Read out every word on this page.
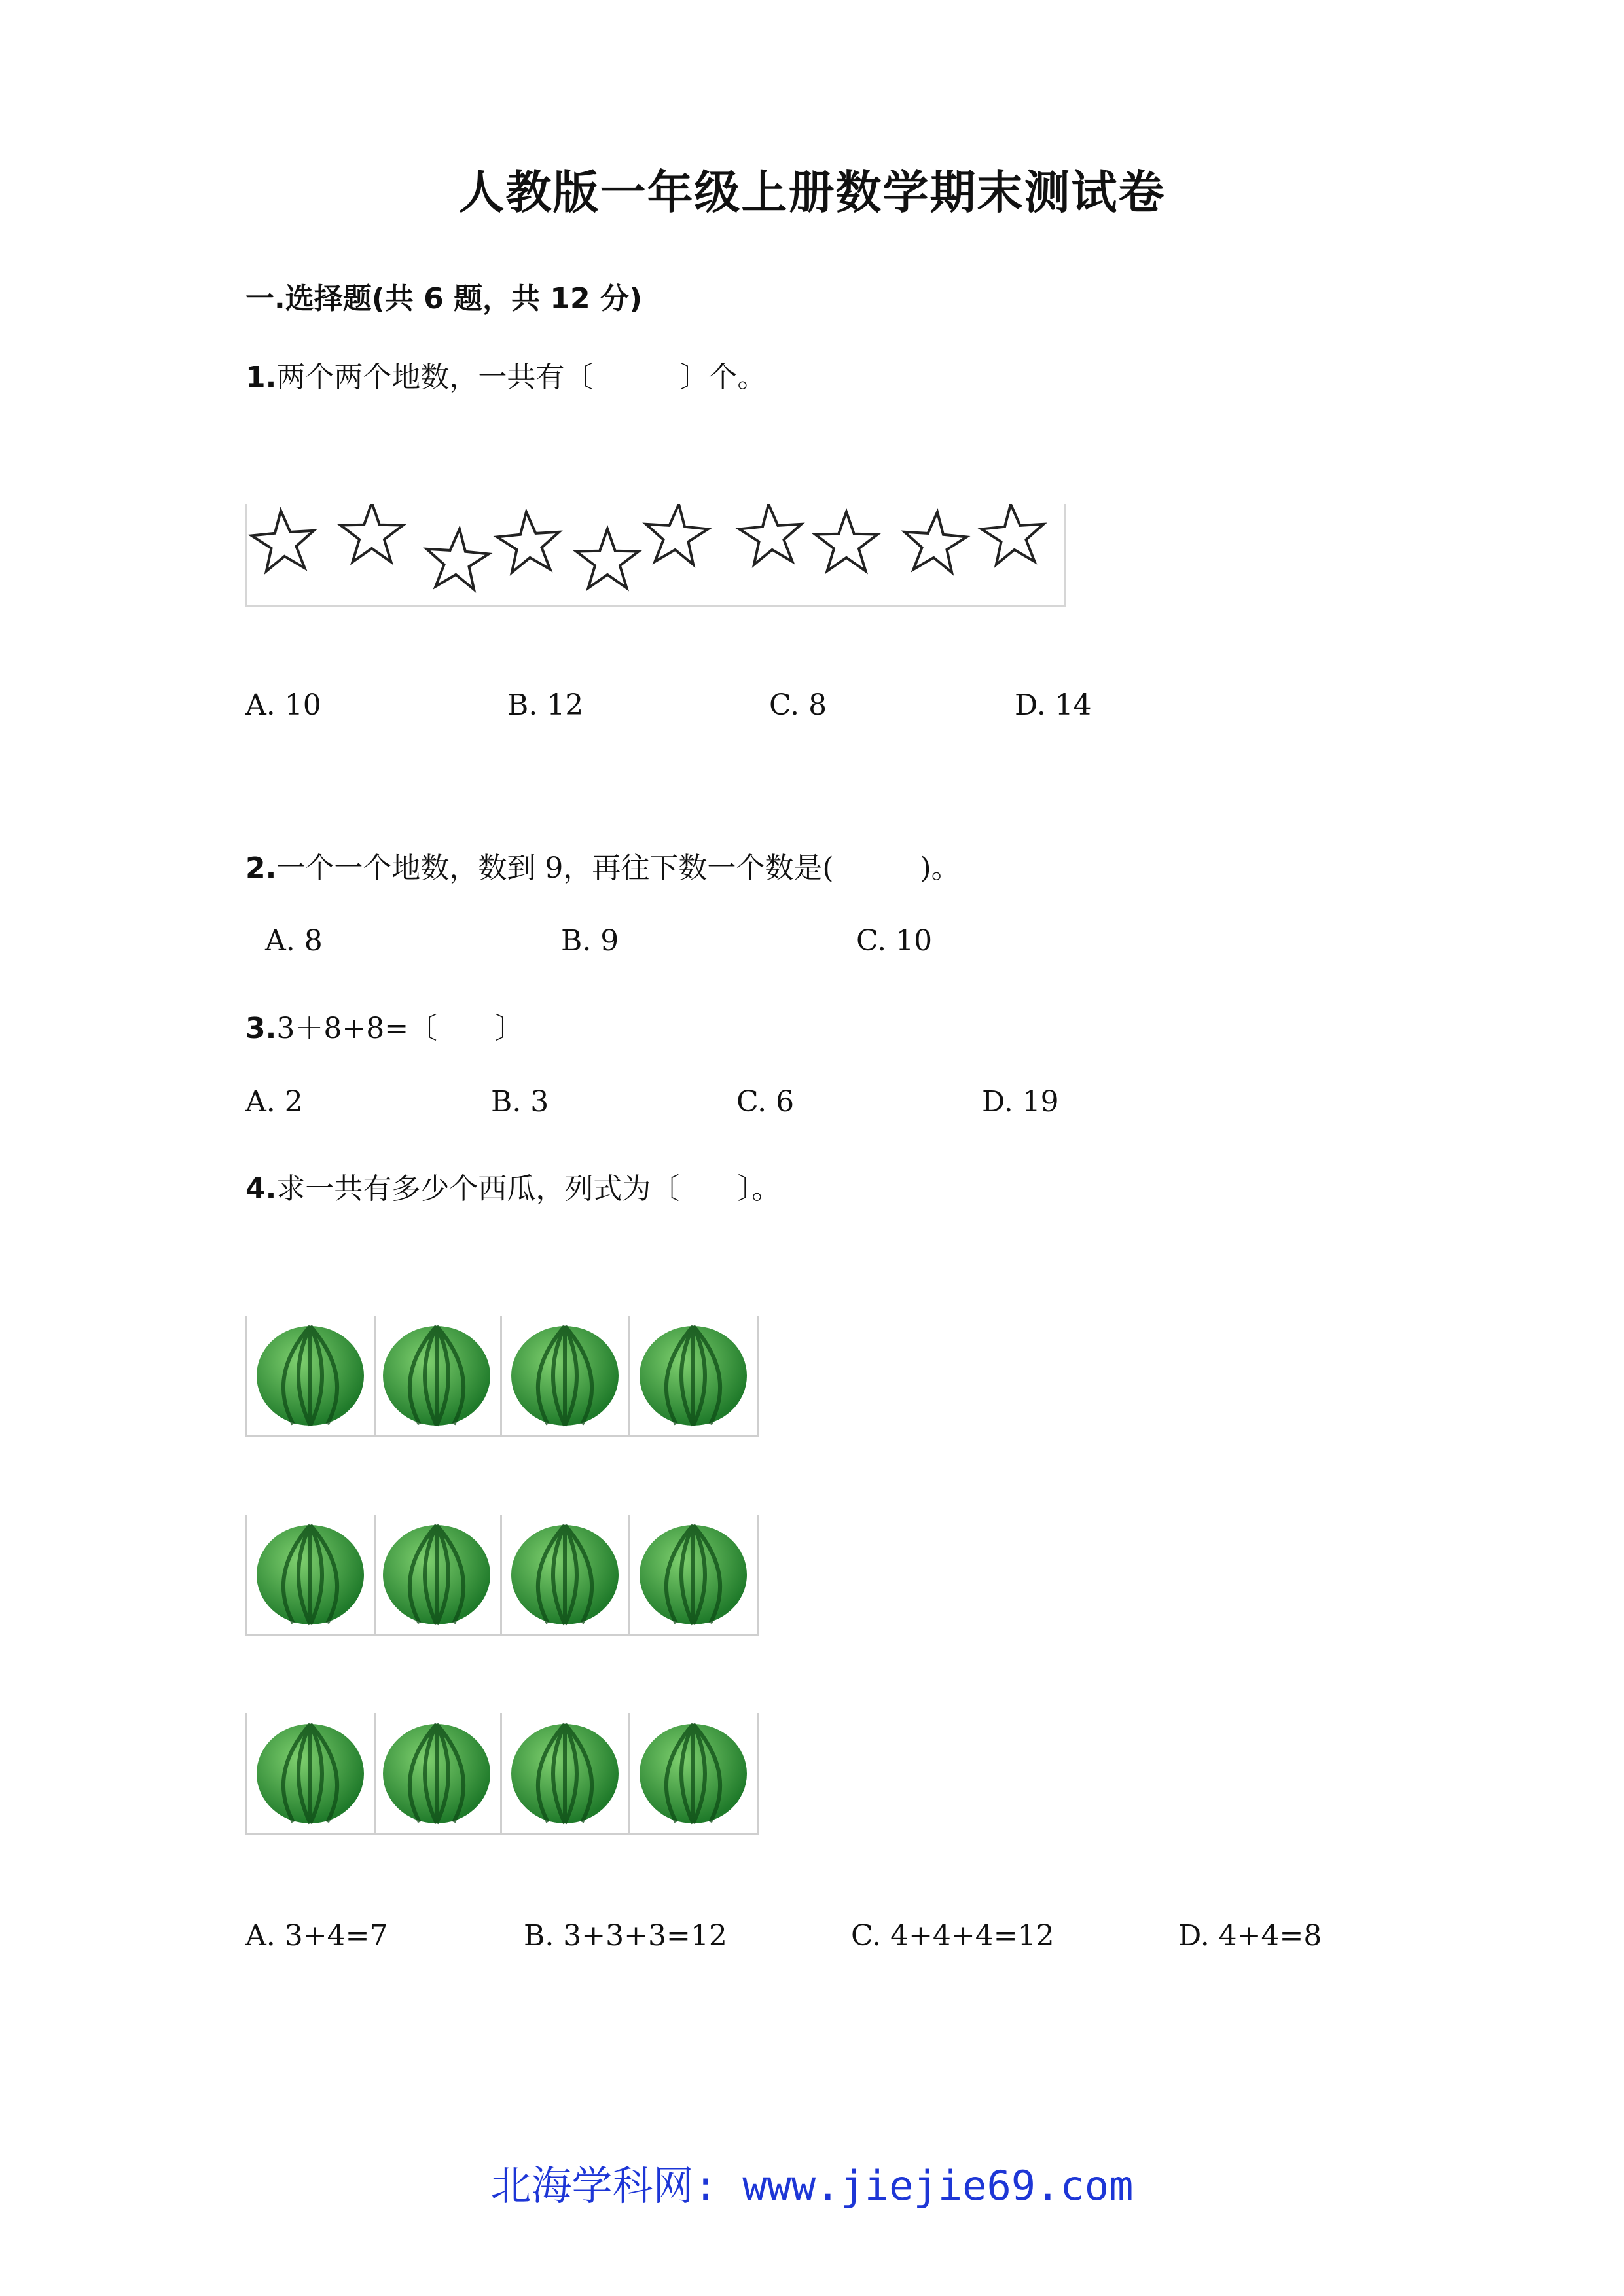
人教版一年级上册数学期末测试卷
一.选择题(共 6 题，共 12 分)
1.两个两个地数，一共有〔　　　〕个。
A. 10	B. 12	C. 8	D. 14
2.一个一个地数，数到 9，再往下数一个数是(　　　)。
A. 8	B. 9	C. 10
3.3＋8+8=〔　　〕
A. 2	B. 3	C. 6	D. 19
4.求一共有多少个西瓜，列式为〔　　〕。
A. 3+4=7	B. 3+3+3=12	C. 4+4+4=12	D. 4+4=8
北海学科网: www.jiejie69.com
